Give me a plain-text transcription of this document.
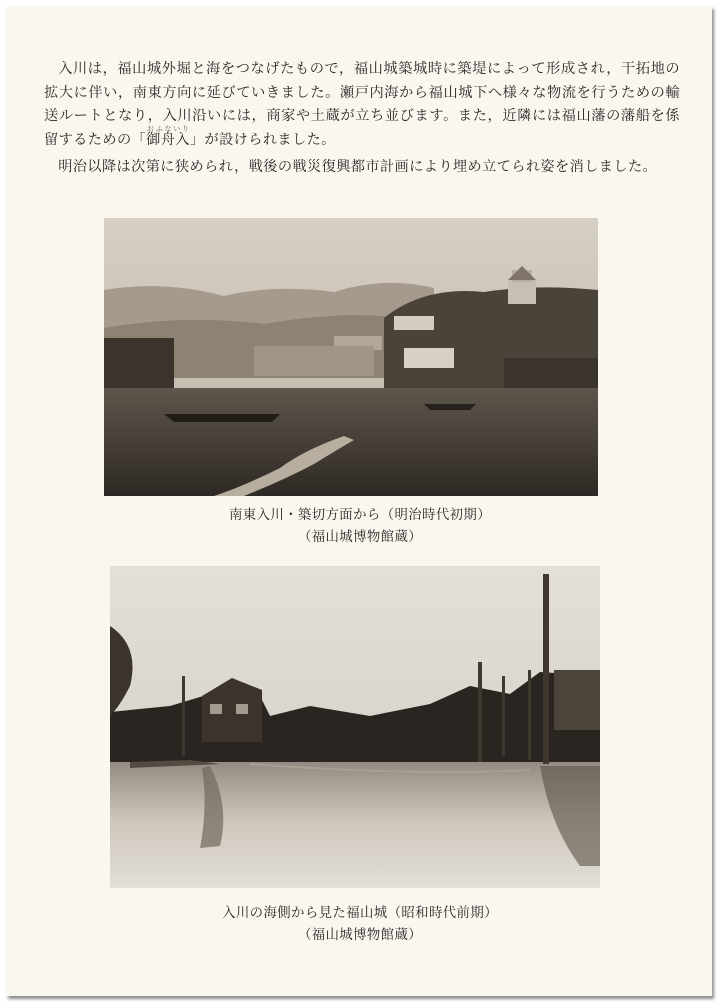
入川は，福山城外堀と海をつなげたもので，福山城築城時に築堤によって形成され，干拓地の拡大に伴い，南東方向に延びていきました。瀬戸内海から福山城下へ様々な物流を行うための輸送ルートとなり，入川沿いには，商家や土蔵が立ち並びます。また，近隣には福山藩の藩船を係留するための「御舟入おふないり」が設けられました。

明治以降は次第に狭められ，戦後の戦災復興都市計画により埋め立てられ姿を消しました。

南東入川・築切方面から（明治時代初期）
（福山城博物館蔵）
入川の海側から見た福山城（昭和時代前期）
（福山城博物館蔵）
